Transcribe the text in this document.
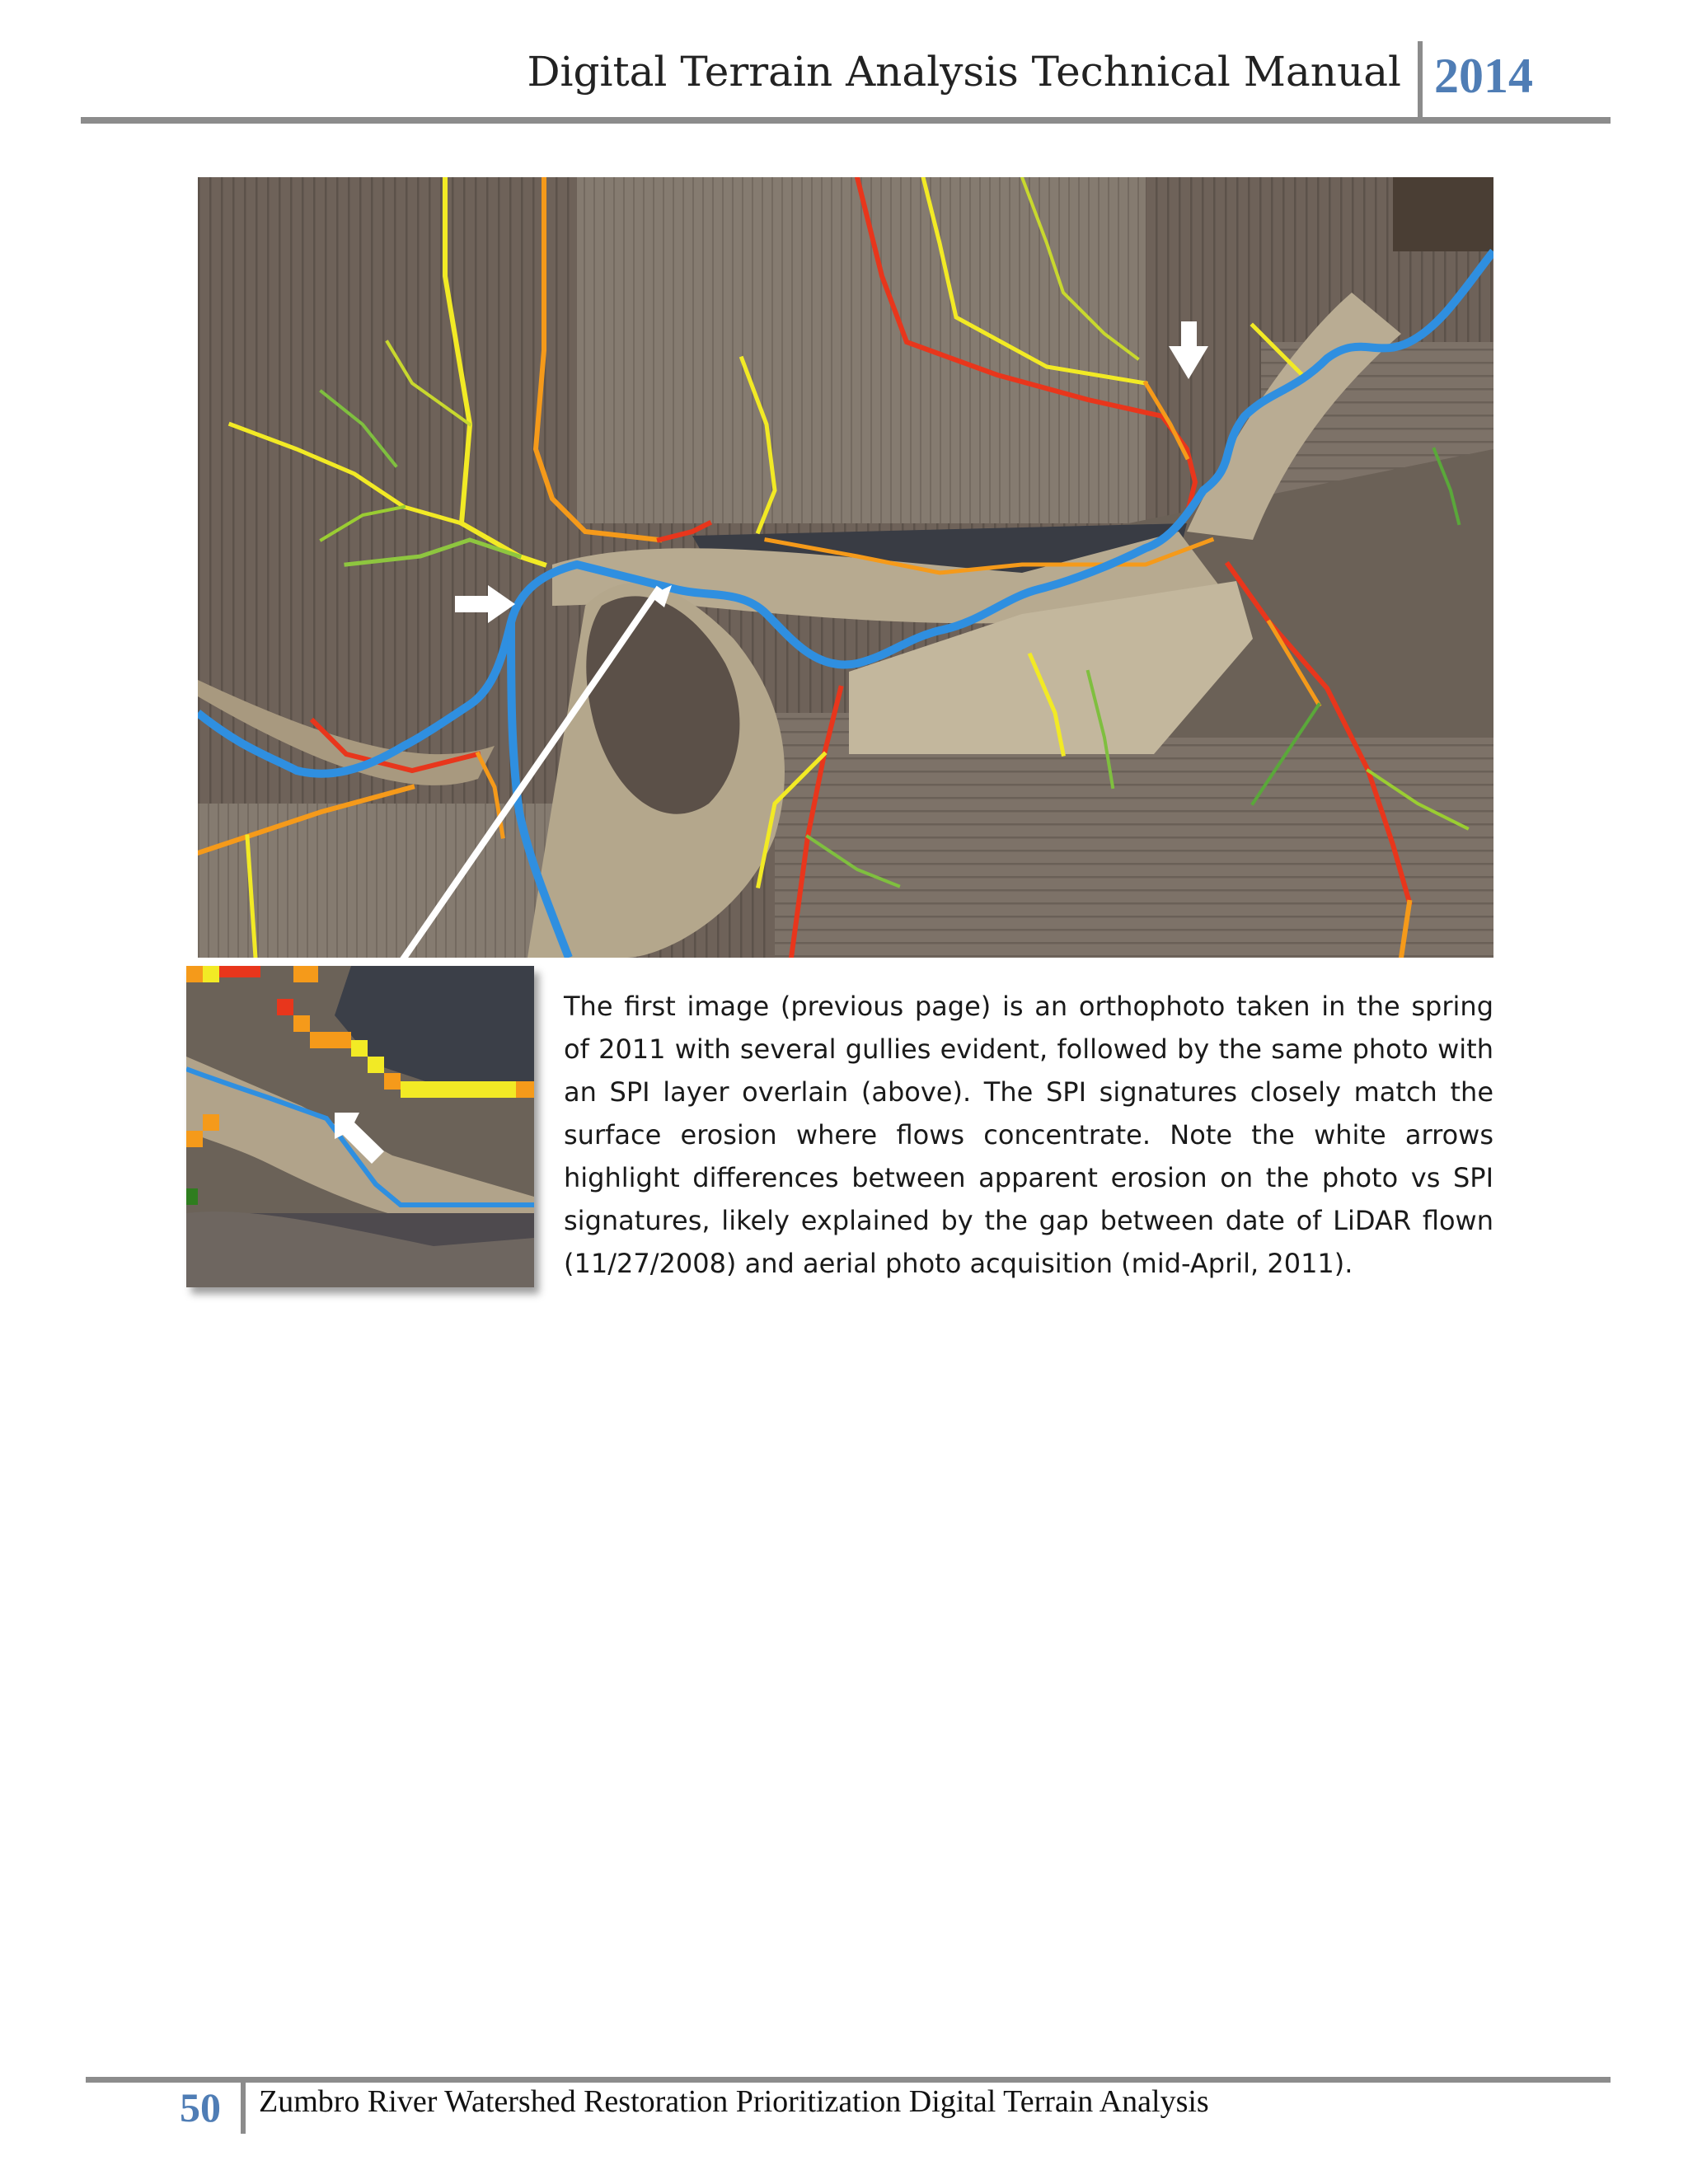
Digital Terrain Analysis Technical Manual 2014

The first image (previous page) is an orthophoto taken in the spring of 2011 with several gullies evident, followed by the same photo with an SPI layer overlain (above). The SPI signatures closely match the surface erosion where flows concentrate. Note the white arrows highlight differences between apparent erosion on the photo vs SPI signatures, likely explained by the gap between date of LiDAR flown (11/27/2008) and aerial photo acquisition (mid-April, 2011).

50 Zumbro River Watershed Restoration Prioritization Digital Terrain Analysis
